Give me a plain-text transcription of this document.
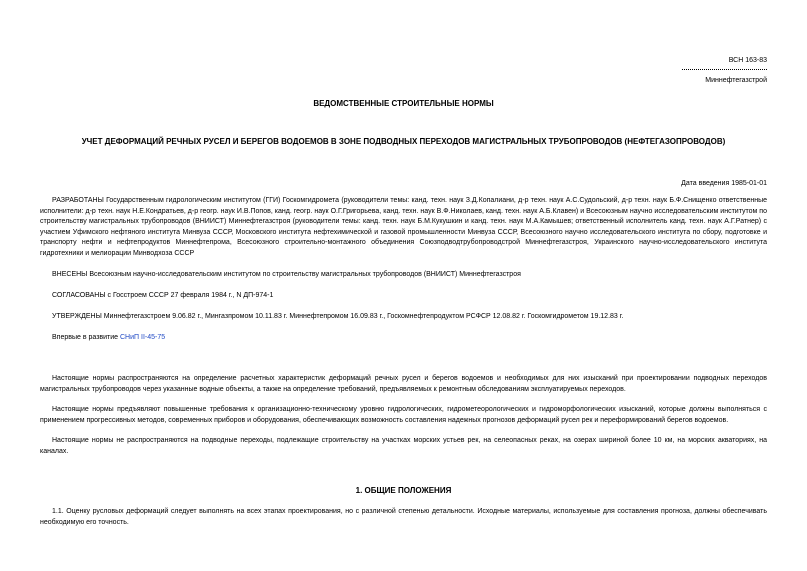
ВСН 163-83
Миннефтегазстрой
ВЕДОМСТВЕННЫЕ СТРОИТЕЛЬНЫЕ НОРМЫ
УЧЕТ ДЕФОРМАЦИЙ РЕЧНЫХ РУСЕЛ И БЕРЕГОВ ВОДОЕМОВ В ЗОНЕ ПОДВОДНЫХ ПЕРЕХОДОВ МАГИСТРАЛЬНЫХ ТРУБОПРОВОДОВ (НЕФТЕГАЗОПРОВОДОВ)
Дата введения 1985-01-01

РАЗРАБОТАНЫ Государственным гидрологическим институтом (ГГИ) Госкомгидромета (руководители темы: канд. техн. наук З.Д.Копалиани, д-р техн. наук А.С.Судольский, д-р техн. наук Б.Ф.Снищенко ответственные исполнители: д-р техн. наук Н.Е.Кондратьев, д-р геогр. наук И.В.Попов, канд. геогр. наук О.Г.Григорьева, канд. техн. наук В.Ф.Николаев, канд. техн. наук А.Б.Клавен) и Всесоюзным научно исследовательским институтом по строительству магистральных трубопроводов (ВНИИСТ) Миннефтегазстроя (руководители темы: канд. техн. наук Б.М.Кукушкин и канд. техн. наук М.А.Камышев; ответственный исполнитель канд. техн. наук А.Г.Ратнер) с участием Уфимского нефтяного института Минвуза СССР, Московского института нефтехимической и газовой промышленности Минвуза СССР, Всесоюзного научно исследовательского института по сбору, подготовке и транспорту нефти и нефтепродуктов Миннефтепрома, Всесоюзного строительно-монтажного объединения Союзподводтрубопроводстрой Миннефтегазстроя, Украинского научно-исследовательского института гидротехники и мелиорации Минводхоза СССР

ВНЕСЕНЫ Всесоюзным научно-исследовательским институтом по строительству магистральных трубопроводов (ВНИИСТ) Миннефтегазстроя
СОГЛАСОВАНЫ с Госстроем СССР 27 февраля 1984 г., N ДП-974-1
УТВЕРЖДЕНЫ Миннефтегазстроем 9.06.82 г., Мингазпромом 10.11.83 г. Миннефтепромом 16.09.83 г., Госкомнефтепродуктом РСФСР 12.08.82 г. Госкомгидрометом 19.12.83 г.
Впервые в развитие СНиП II-45-75

Настоящие нормы распространяются на определение расчетных характеристик деформаций речных русел и берегов водоемов и необходимых для них изысканий при проектировании подводных переходов магистральных трубопроводов через указанные водные объекты, а также на определение требований, предъявляемых к ремонтным обследованиям эксплуатируемых переходов.

Настоящие нормы предъявляют повышенные требования к организационно-техническому уровню гидрологических, гидрометеорологических и гидроморфологических изысканий, которые должны выполняться с применением прогрессивных методов, современных приборов и оборудования, обеспечивающих возможность составления надежных прогнозов деформаций русел рек и переформирований берегов водоемов.

Настоящие нормы не распространяются на подводные переходы, подлежащие строительству на участках морских устьев рек, на селеопасных реках, на озерах шириной более 10 км, на морских акваториях, на каналах.

1. ОБЩИЕ ПОЛОЖЕНИЯ

1.1. Оценку русловых деформаций следует выполнять на всех этапах проектирования, но с различной степенью детальности. Исходные материалы, используемые для составления прогноза, должны обеспечивать необходимую его точность.
